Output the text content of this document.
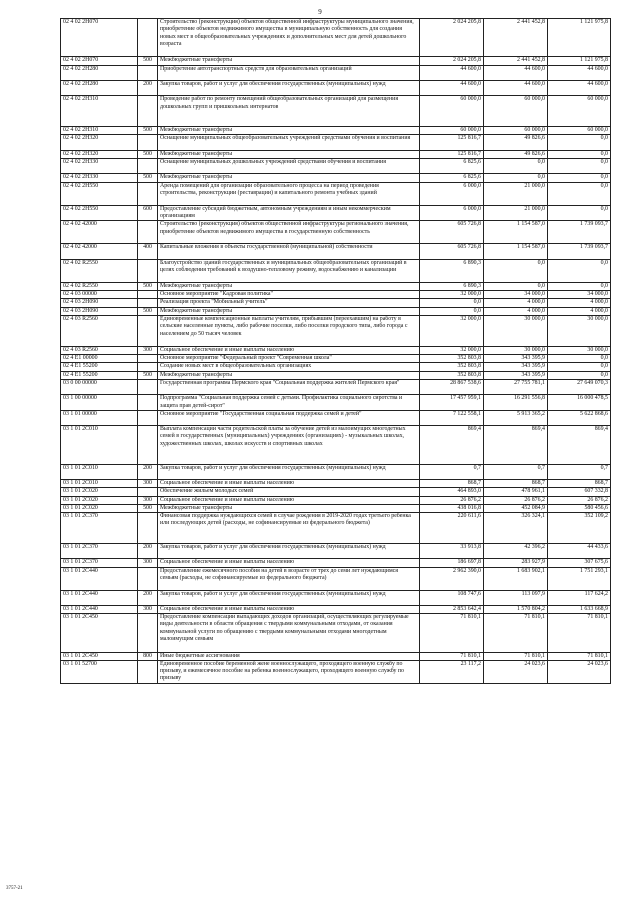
9
02 4 02 2Н070		Строительство (реконструкция) объектов общественной инфраструктуры муниципального значения, приобретение объектов недвижимого имущества в муниципальную собственность для создания новых мест в общеобразовательных учреждениях и дополнительных мест для детей дошкольного возраста	2 024 205,8	2 441 452,8	1 121 975,8
02 4 02 2Н070	500	Межбюджетные трансферты	2 024 205,8	2 441 452,8	1 121 975,8
02 4 02 2Н280		Приобретение автотранспортных средств для образовательных организаций	44 600,0	44 600,0	44 600,0
02 4 02 2Н280	200	Закупка товаров, работ и услуг для обеспечения государственных (муниципальных) нужд	44 600,0	44 600,0	44 600,0
02 4 02 2Н310		Проведение работ по ремонту помещений общеобразовательных организаций для размещения дошкольных групп и пришкольных интернатов	60 000,0	60 000,0	60 000,0
02 4 02 2Н310	500	Межбюджетные трансферты	60 000,0	60 000,0	60 000,0
02 4 02 2Н320		Оснащение муниципальных общеобразовательных учреждений средствами обучения и воспитания	125 816,7	49 826,6	0,0
02 4 02 2Н320	500	Межбюджетные трансферты	125 816,7	49 826,6	0,0
02 4 02 2Н330		Оснащение муниципальных дошкольных учреждений средствами обучения и воспитания	6 825,6	0,0	0,0
02 4 02 2Н330	500	Межбюджетные трансферты	6 825,6	0,0	0,0
02 4 02 2Н550		Аренда помещений для организации образовательного процесса на период проведения строительства, реконструкции (реставрации) и капитального ремонта учебных зданий	6 000,0	21 000,0	0,0
02 4 02 2Н550	600	Предоставление субсидий бюджетным, автономным учреждениям и иным некоммерческим организациям	6 000,0	21 000,0	0,0
02 4 02 42000		Строительство (реконструкция) объектов общественной инфраструктуры регионального значения, приобретение объектов недвижимого имущества в государственную собственность	605 726,8	1 154 587,0	1 739 093,7
02 4 02 42000	400	Капитальные вложения в объекты государственной (муниципальной) собственности	605 726,8	1 154 587,0	1 739 093,7
02 4 02 R2550		Благоустройство зданий государственных и муниципальных общеобразовательных организаций в целях соблюдения требований к воздушно-тепловому режиму, водоснабжению и канализации	6 890,3	0,0	0,0
02 4 02 R2550	500	Межбюджетные трансферты	6 890,3	0,0	0,0
02 4 03 00000		Основное мероприятие "Кадровая политика"	32 000,0	34 000,0	34 000,0
02 4 03 2Н090		Реализация проекта "Мобильный учитель"	0,0	4 000,0	4 000,0
02 4 03 2Н090	500	Межбюджетные трансферты	0,0	4 000,0	4 000,0
02 4 03 R2560		Единовременные компенсационные выплаты учителям, прибывшим (переехавшим) на работу в сельские населенные пункты, либо рабочие поселки, либо поселки городского типа, либо города с населением до 50 тысяч человек	32 000,0	30 000,0	30 000,0
02 4 03 R2560	300	Социальное обеспечение и иные выплаты населению	32 000,0	30 000,0	30 000,0
02 4 E1 00000		Основное мероприятие "Федеральный проект "Современная школа"	352 803,8	343 395,9	0,0
02 4 E1 55200		Создание новых мест в общеобразовательных организациях	352 803,8	343 395,9	0,0
02 4 E1 55200	500	Межбюджетные трансферты	352 803,8	343 395,9	0,0
03 0 00 00000		Государственная программа Пермского края "Социальная поддержка жителей Пермского края"	28 867 538,6	27 755 781,1	27 649 070,3
03 1 00 00000		Подпрограмма "Социальная поддержка семей с детьми. Профилактика социального сиротства и защита прав детей-сирот"	17 457 959,1	16 291 556,8	16 000 478,5
03 1 01 00000		Основное мероприятие "Государственная социальная поддержка семей и детей"	7 122 558,1	5 913 365,2	5 622 868,6
03 1 01 2С010		Выплата компенсации части родительской платы за обучение детей из малоимущих многодетных семей в государственных (муниципальных) учреждениях (организациях) - музыкальных школах, художественных школах, школах искусств и спортивных школах	869,4	869,4	869,4
03 1 01 2С010	200	Закупка товаров, работ и услуг для обеспечения государственных (муниципальных) нужд	0,7	0,7	0,7
03 1 01 2С010	300	Социальное обеспечение и иные выплаты населению	868,7	868,7	868,7
03 1 01 2С020		Обеспечение жильем молодых семей	464 893,0	478 961,1	607 332,8
03 1 01 2С020	300	Социальное обеспечение и иные выплаты населению	26 876,2	26 876,2	26 876,2
03 1 01 2С020	500	Межбюджетные трансферты	438 016,8	452 084,9	580 456,6
03 1 01 2С370		Финансовая поддержка нуждающихся семей в случае рождения в 2019-2020 годах третьего ребенка или последующих детей (расходы, не софинансируемые из федерального бюджета)	220 611,6	326 324,1	352 109,2
03 1 01 2С370	200	Закупка товаров, работ и услуг для обеспечения государственных (муниципальных) нужд	33 913,8	42 396,2	44 433,6
03 1 01 2С370	300	Социальное обеспечение и иные выплаты населению	186 697,8	283 927,9	307 675,6
03 1 01 2С440		Предоставление ежемесячного пособия на детей в возрасте от трех до семи лет нуждающимся семьям (расходы, не софинансируемые из федерального бюджета)	2 962 390,0	1 683 902,1	1 751 293,1
03 1 01 2С440	200	Закупка товаров, работ и услуг для обеспечения государственных (муниципальных) нужд	108 747,6	113 097,9	117 624,2
03 1 01 2С440	300	Социальное обеспечение и иные выплаты населению	2 853 642,4	1 570 804,2	1 633 668,9
03 1 01 2С450		Предоставление компенсации выпадающих доходов организаций, осуществляющих регулируемые виды деятельности в области обращения с твердыми коммунальными отходами, от оказания коммунальной услуги по обращению с твердыми коммунальными отходами многодетным малоимущим семьям	71 810,1	71 810,1	71 810,1
03 1 01 2С450	800	Иные бюджетные ассигнования	71 810,1	71 810,1	71 810,1
03 1 01 52700		Единовременное пособие беременной жене военнослужащего, проходящего военную службу по призыву, и ежемесячное пособие на ребенка военнослужащего, проходящего военную службу по призыву	23 117,2	24 023,6	24 023,6
3757-21
